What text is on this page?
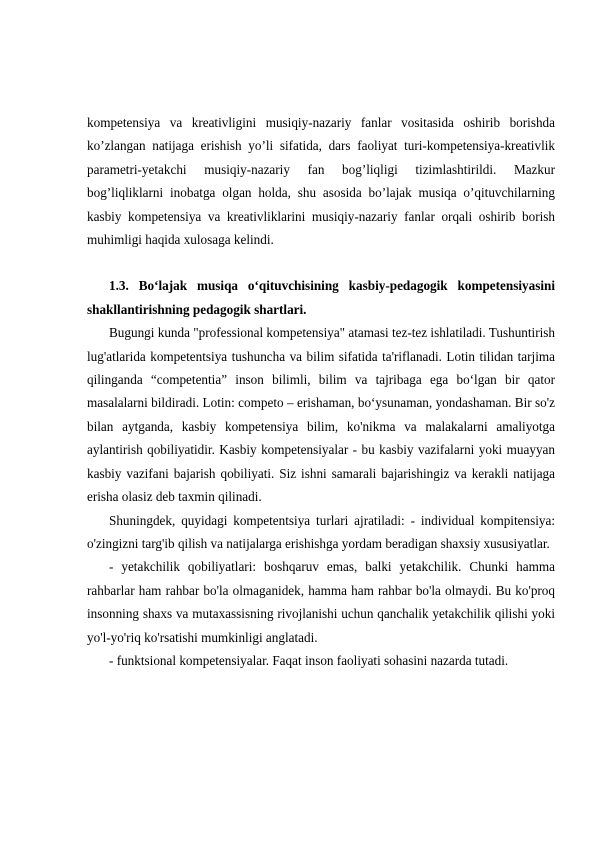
kompetensiya va kreativligini musiqiy-nazariy fanlar vositasida oshirib borishda ko’zlangan natijaga erishish yo’li sifatida, dars faoliyat turi-kompetensiya-kreativlik parametri-yetakchi musiqiy-nazariy fan bog’liqligi tizimlashtirildi. Mazkur bog’liqliklarni inobatga olgan holda, shu asosida bo’lajak musiqa o’qituvchilarning kasbiy kompetensiya va kreativliklarini musiqiy-nazariy fanlar orqali oshirib borish muhimligi haqida xulosaga kelindi.

1.3. Bo‘lajak musiqa o‘qituvchisining kasbiy-pedagogik kompetensiyasini shakllantirishning pedagogik shartlari.

Bugungi kunda "professional kompetensiya" atamasi tez-tez ishlatiladi. Tushuntirish lug'atlarida kompetentsiya tushuncha va bilim sifatida ta'riflanadi. Lotin tilidan tarjima qilinganda “competentia” inson bilimli, bilim va tajribaga ega bo‘lgan bir qator masalalarni bildiradi. Lotin: competo – erishaman, bo‘ysunaman, yondashaman. Bir so'z bilan aytganda, kasbiy kompetensiya bilim, ko'nikma va malakalarni amaliyotga aylantirish qobiliyatidir. Kasbiy kompetensiyalar - bu kasbiy vazifalarni yoki muayyan kasbiy vazifani bajarish qobiliyati. Siz ishni samarali bajarishingiz va kerakli natijaga erisha olasiz deb taxmin qilinadi.

Shuningdek, quyidagi kompetentsiya turlari ajratiladi: - individual kompitensiya: o'zingizni targ'ib qilish va natijalarga erishishga yordam beradigan shaxsiy xususiyatlar.

- yetakchilik qobiliyatlari: boshqaruv emas, balki yetakchilik. Chunki hamma rahbarlar ham rahbar bo'la olmaganidek, hamma ham rahbar bo'la olmaydi. Bu ko'proq insonning shaxs va mutaxassisning rivojlanishi uchun qanchalik yetakchilik qilishi yoki yo'l-yo'riq ko'rsatishi mumkinligi anglatadi.

- funktsional kompetensiyalar. Faqat inson faoliyati sohasini nazarda tutadi.
